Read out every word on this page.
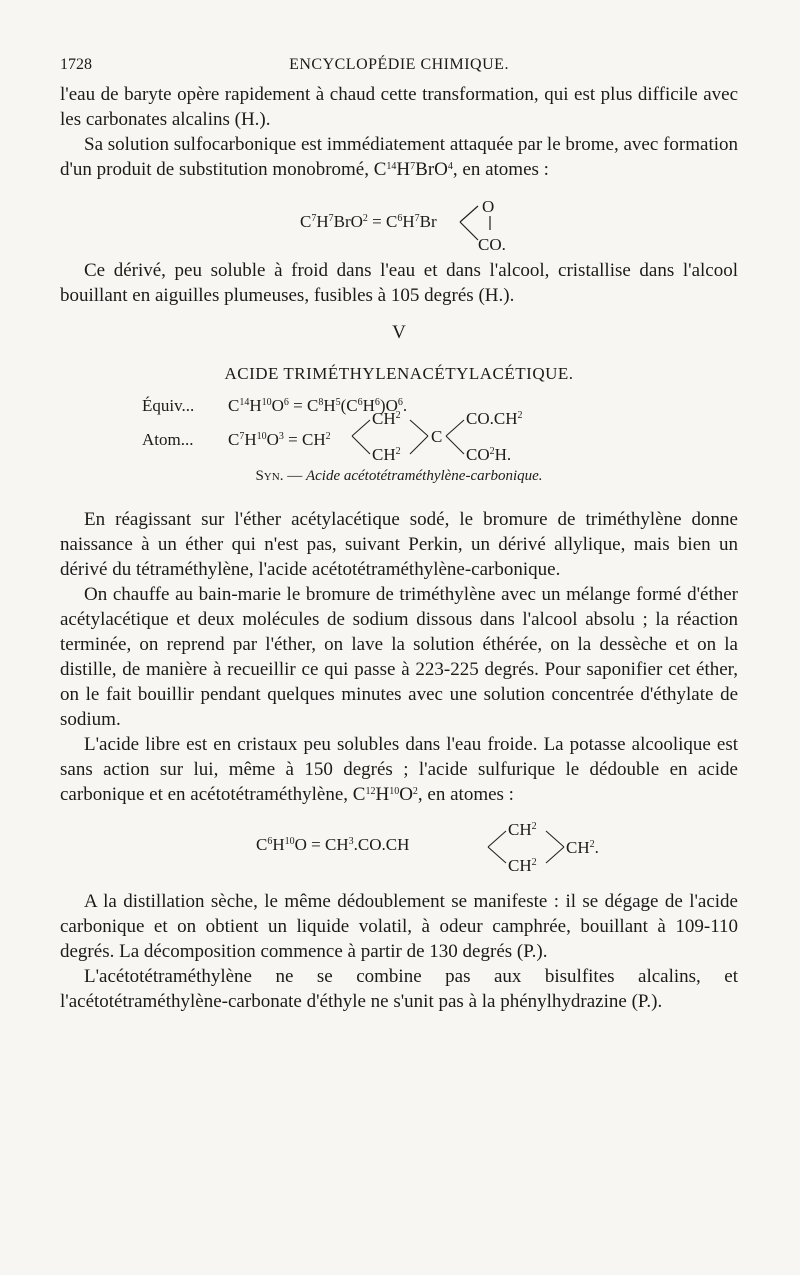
1728	ENCYCLOPÉDIE CHIMIQUE.

l'eau de baryte opère rapidement à chaud cette transformation, qui est plus difficile avec les carbonates alcalins (H.).

Sa solution sulfocarbonique est immédiatement attaquée par le brome, avec formation d'un produit de substitution monobromé, $C^{14}H^7BrO^4$, en atomes :

$C^7H^7BrO^2 = C^6H^7Br$
O
CO.

Ce dérivé, peu soluble à froid dans l'eau et dans l'alcool, cristallise dans l'alcool bouillant en aiguilles plumeuses, fusibles à 105 degrés (H.).

V
ACIDE TRIMÉTHYLENACÉTYLACÉTIQUE.
Équiv... $C^{14}H^{10}O^6 = C^8H^5(C^6H^6)O^6$.
Atom... $C^7H^{10}O^3 = CH^2$
$CH^2$
$CH^2$
C
$CO.CH^2$
$CO^2H$.
Syn. — Acide acétotétraméthylène-carbonique.

En réagissant sur l'éther acétylacétique sodé, le bromure de triméthylène donne naissance à un éther qui n'est pas, suivant Perkin, un dérivé allylique, mais bien un dérivé du tétraméthylène, l'acide acétotétraméthylène-carbonique.

On chauffe au bain-marie le bromure de triméthylène avec un mélange formé d'éther acétylacétique et deux molécules de sodium dissous dans l'alcool absolu ; la réaction terminée, on reprend par l'éther, on lave la solution éthérée, on la dessèche et on la distille, de manière à recueillir ce qui passe à 223-225 degrés. Pour saponifier cet éther, on le fait bouillir pendant quelques minutes avec une solution concentrée d'éthylate de sodium.

L'acide libre est en cristaux peu solubles dans l'eau froide. La potasse alcoolique est sans action sur lui, même à 150 degrés ; l'acide sulfurique le dédouble en acide carbonique et en acétotétraméthylène, $C^{12}H^{10}O^2$, en atomes :

$C^6H^{10}O = CH^3.CO.CH$
$CH^2$
$CH^2$
$CH^2$.

A la distillation sèche, le même dédoublement se manifeste : il se dégage de l'acide carbonique et on obtient un liquide volatil, à odeur camphrée, bouillant à 109-110 degrés. La décomposition commence à partir de 130 degrés (P.).

L'acétotétraméthylène ne se combine pas aux bisulfites alcalins, et l'acétotétraméthylène-carbonate d'éthyle ne s'unit pas à la phénylhydrazine (P.).
